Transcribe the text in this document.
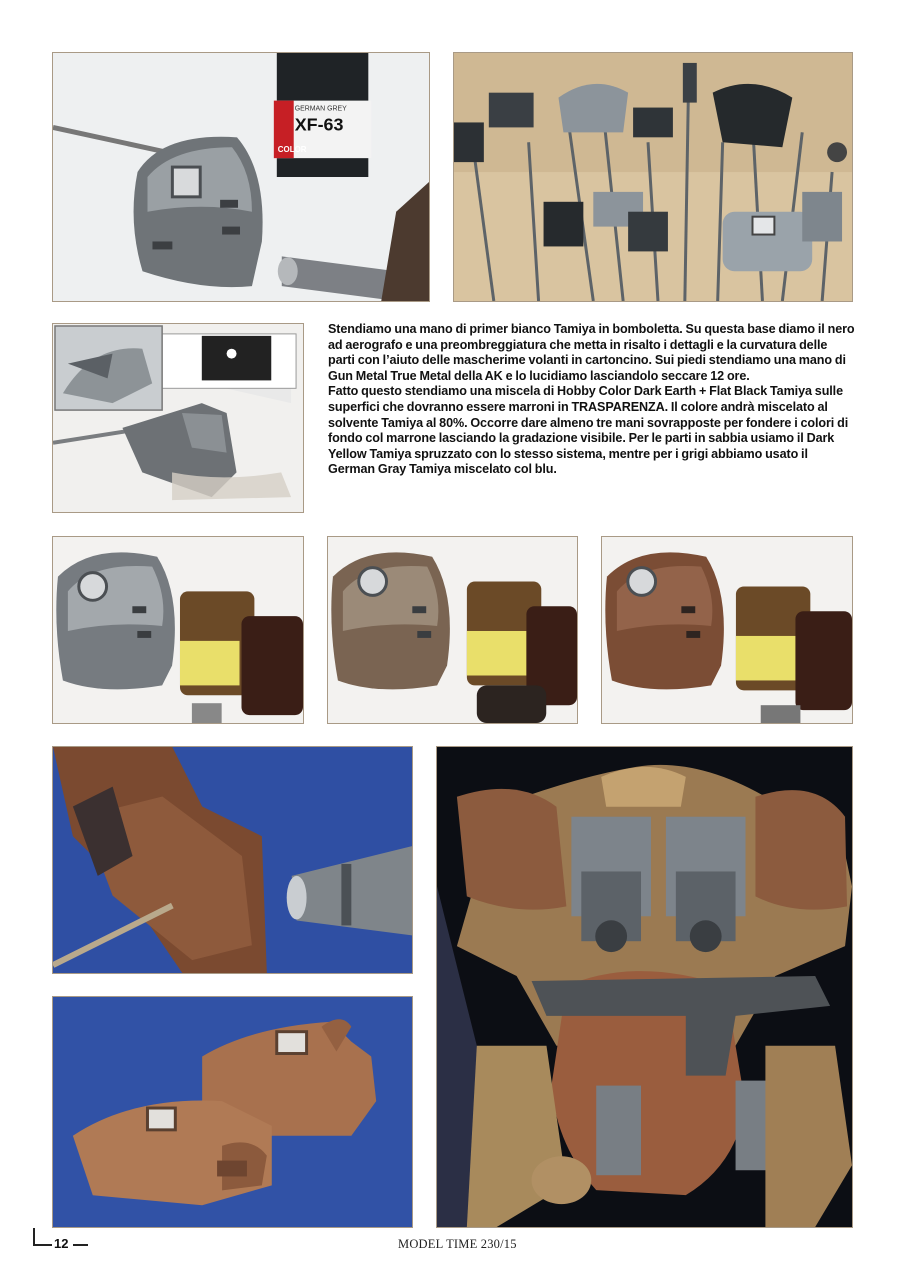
XF-63
GERMAN GREY
COLOR

Stendiamo una mano di primer bianco Tamiya in bomboletta. Su questa base diamo il nero ad aerografo e una preombreggiatura che metta in risalto i dettagli e la curvatura delle parti con l’aiuto delle mascherime volanti in cartoncino. Sui piedi stendiamo una mano di Gun Metal True Metal della AK e lo lucidiamo lasciandolo seccare 12 ore.

Fatto questo stendiamo una miscela di Hobby Color Dark Earth + Flat Black Tamiya sulle superfici che dovranno essere marroni in TRASPARENZA. Il colore andrà miscelato al solvente Tamiya al 80%. Occorre dare almeno tre mani sovrapposte per fondere i colori di fondo col marrone lasciando la gradazione visibile. Per le parti in sabbia usiamo il Dark Yellow Tamiya spruzzato con lo stesso sistema, mentre per i grigi abbiamo usato il German Gray Tamiya miscelato col blu.

12	MODEL TIME 230/15
